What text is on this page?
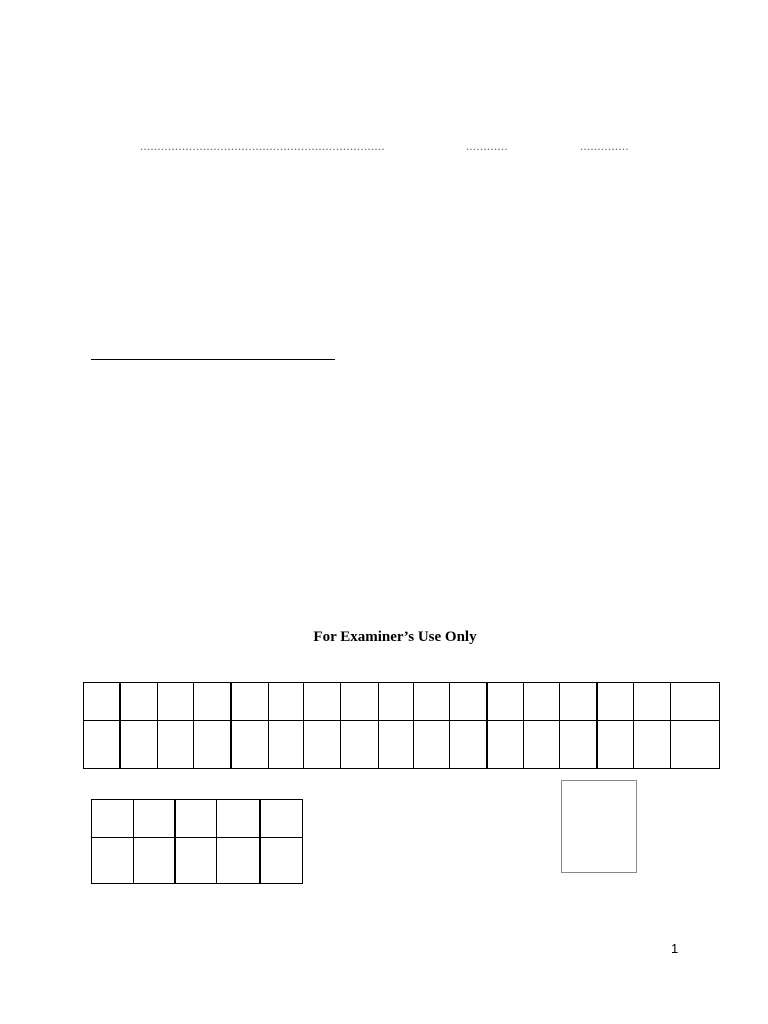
......................................................................	............	..............
For Examiner’s Use Only

1
